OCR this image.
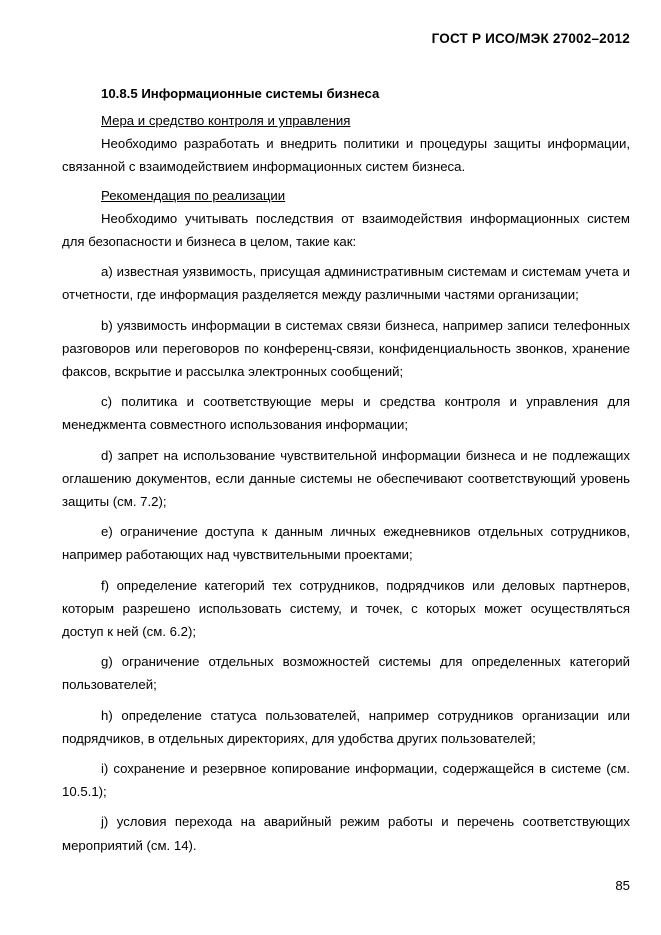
ГОСТ Р ИСО/МЭК 27002–2012
10.8.5 Информационные системы бизнеса

Мера и средство контроля и управления

Необходимо разработать и внедрить политики и процедуры защиты информации, связанной с взаимодействием информационных систем бизнеса.

Рекомендация по реализации

Необходимо учитывать последствия от взаимодействия информационных систем для безопасности и бизнеса в целом, такие как:

а) известная уязвимость, присущая административным системам и системам учета и отчетности, где информация разделяется между различными частями организации;

b) уязвимость информации в системах связи бизнеса, например записи телефонных разговоров или переговоров по конференц-связи, конфиденциальность звонков, хранение факсов, вскрытие и рассылка электронных сообщений;

c) политика и соответствующие меры и средства контроля и управления для менеджмента совместного использования информации;

d) запрет на использование чувствительной информации бизнеса и не подлежащих оглашению документов, если данные системы не обеспечивают соответствующий уровень защиты (см. 7.2);

e) ограничение доступа к данным личных ежедневников отдельных сотрудников, например работающих над чувствительными проектами;

f) определение категорий тех сотрудников, подрядчиков или деловых партнеров, которым разрешено использовать систему, и точек, с которых может осуществляться доступ к ней (см. 6.2);

g) ограничение отдельных возможностей системы для определенных категорий пользователей;

h) определение статуса пользователей, например сотрудников организации или подрядчиков, в отдельных директориях, для удобства других пользователей;

i) сохранение и резервное копирование информации, содержащейся в системе (см. 10.5.1);

j) условия перехода на аварийный режим работы и перечень соответствующих мероприятий (см. 14).

85
